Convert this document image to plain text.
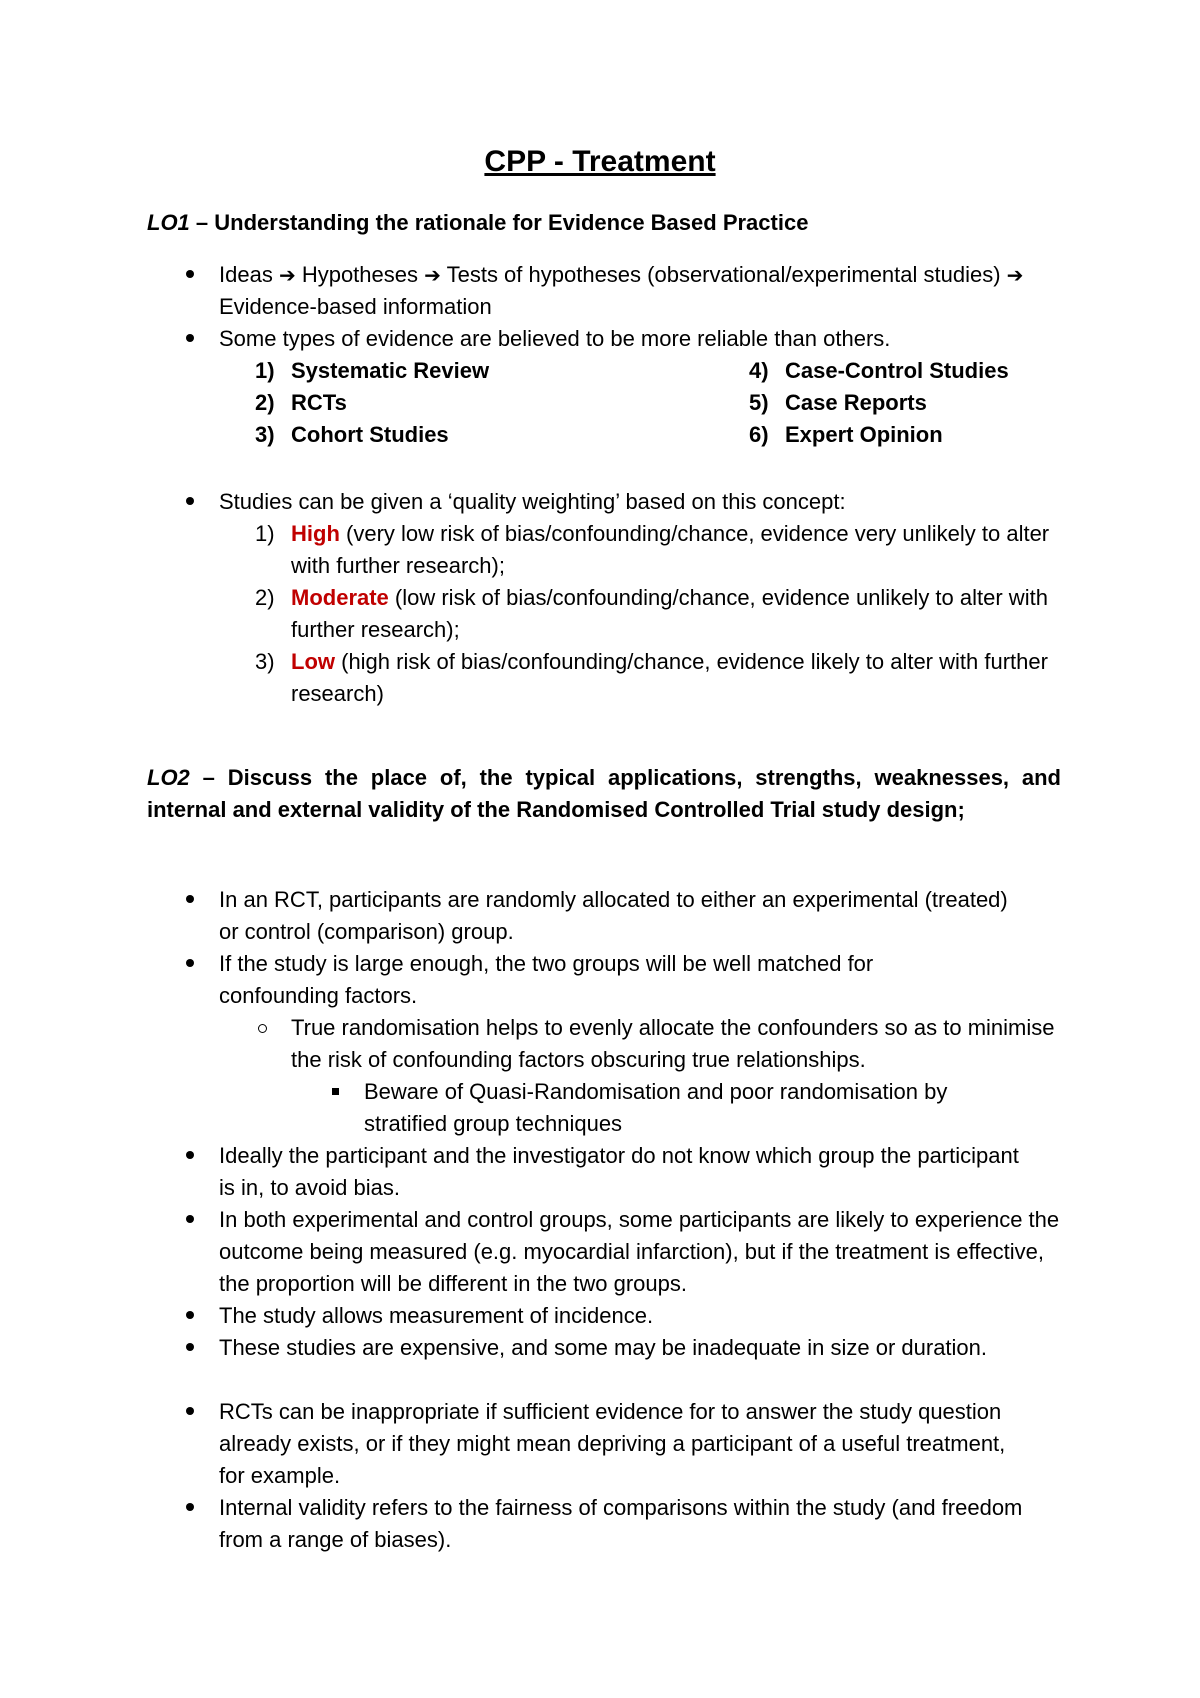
CPP - Treatment
LO1 – Understanding the rationale for Evidence Based Practice
Ideas ➔ Hypotheses ➔ Tests of hypotheses (observational/experimental studies) ➔ Evidence-based information
Some types of evidence are believed to be more reliable than others.
1) Systematic Review
2) RCTs
3) Cohort Studies
4) Case-Control Studies
5) Case Reports
6) Expert Opinion
Studies can be given a ‘quality weighting’ based on this concept:
1) High (very low risk of bias/confounding/chance, evidence very unlikely to alter with further research);
2) Moderate (low risk of bias/confounding/chance, evidence unlikely to alter with further research);
3) Low (high risk of bias/confounding/chance, evidence likely to alter with further research)
LO2 – Discuss the place of, the typical applications, strengths, weaknesses, and internal and external validity of the Randomised Controlled Trial study design;
In an RCT, participants are randomly allocated to either an experimental (treated) or control (comparison) group.
If the study is large enough, the two groups will be well matched for confounding factors.
True randomisation helps to evenly allocate the confounders so as to minimise the risk of confounding factors obscuring true relationships.
Beware of Quasi-Randomisation and poor randomisation by stratified group techniques
Ideally the participant and the investigator do not know which group the participant is in, to avoid bias.
In both experimental and control groups, some participants are likely to experience the outcome being measured (e.g. myocardial infarction), but if the treatment is effective, the proportion will be different in the two groups.
The study allows measurement of incidence.
These studies are expensive, and some may be inadequate in size or duration.
RCTs can be inappropriate if sufficient evidence for to answer the study question already exists, or if they might mean depriving a participant of a useful treatment, for example.
Internal validity refers to the fairness of comparisons within the study (and freedom from a range of biases).
